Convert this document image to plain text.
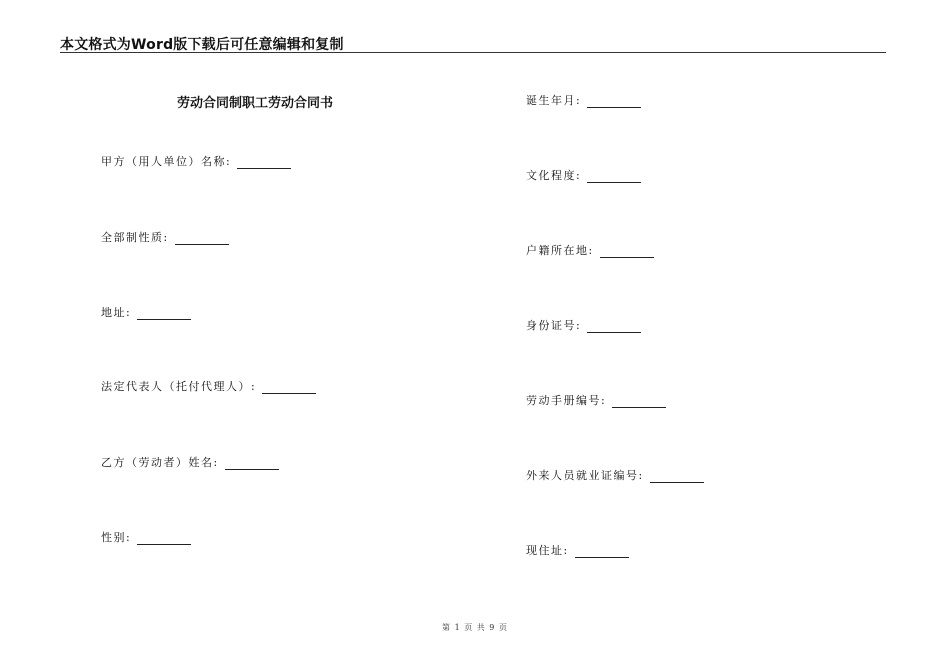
本文格式为Word版下载后可任意编辑和复制
劳动合同制职工劳动合同书
甲方（用人单位）名称:
全部制性质:
地址:
法定代表人（托付代理人）:
乙方（劳动者）姓名:
性别:
诞生年月:
文化程度:
户籍所在地:
身份证号:
劳动手册编号:
外来人员就业证编号:
现住址:
第 1 页 共 9 页
